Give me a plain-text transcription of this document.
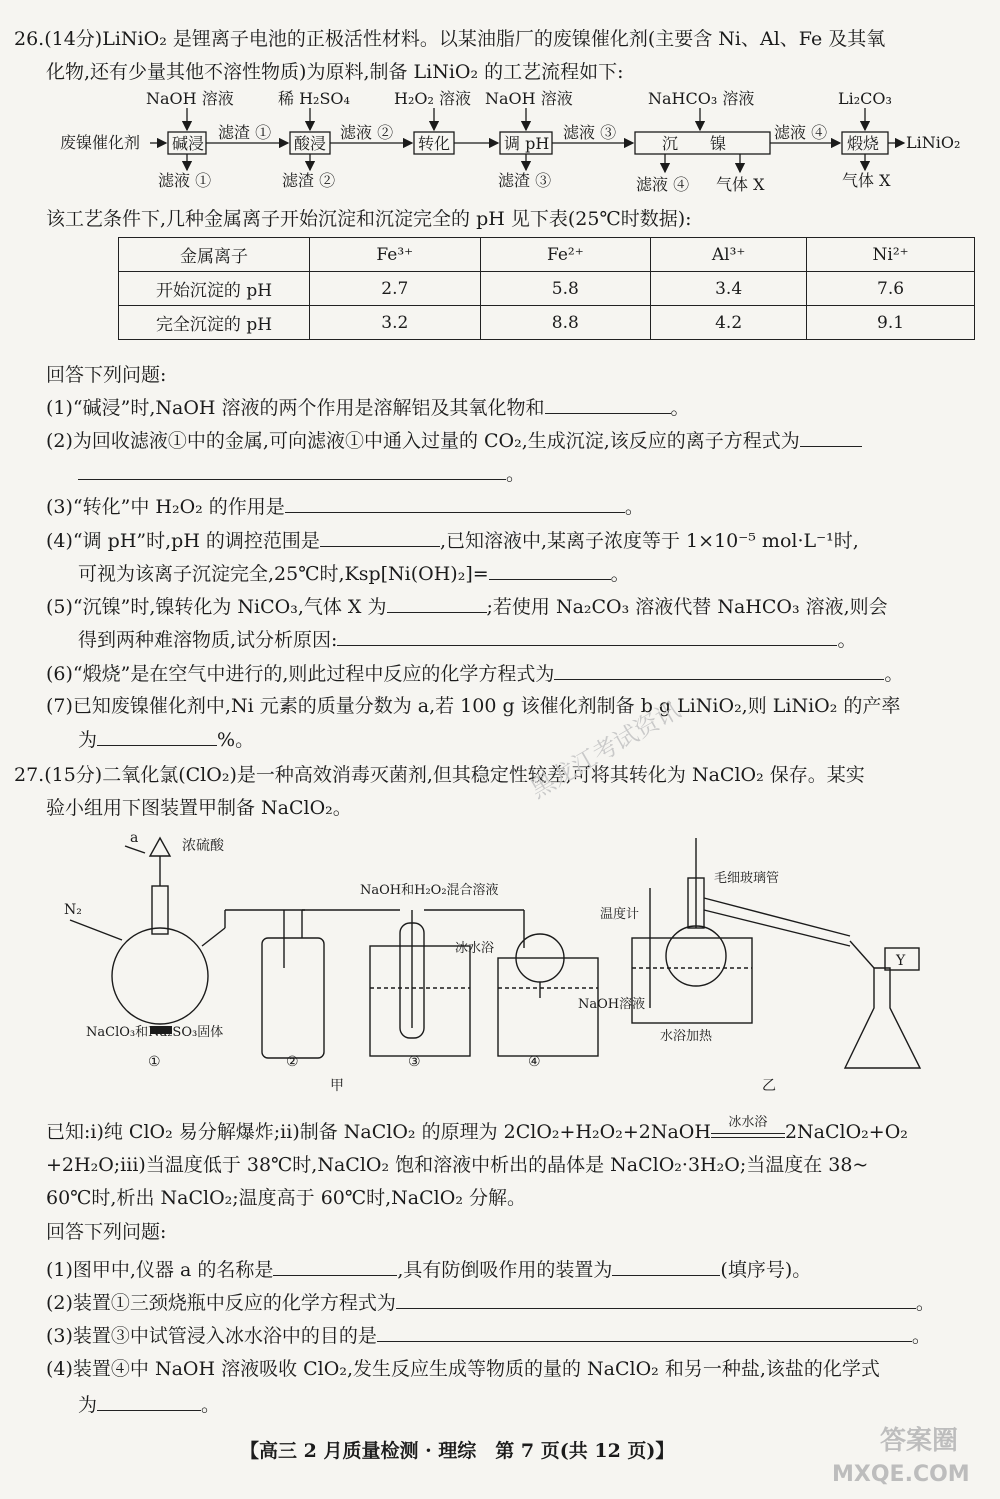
26.(14分)LiNiO₂ 是锂离子电池的正极活性材料。以某油脂厂的废镍催化剂(主要含 Ni、Al、Fe 及其氧
化物,还有少量其他不溶性物质)为原料,制备 LiNiO₂ 的工艺流程如下:
废镍催化剂 碱浸	酸浸	转化	调 pH	沉　　镍	煅烧
NaOH 溶液	稀 H₂SO₄	H₂O₂ 溶液 NaOH 溶液	NaHCO₃ 溶液	Li₂CO₃
滤渣 ①	滤液 ②	滤液 ③	滤液 ④
滤液 ①	滤渣 ②	滤渣 ③	滤液 ④ 气体 X	气体 X
LiNiO₂
该工艺条件下,几种金属离子开始沉淀和沉淀完全的 pH 见下表(25℃时数据):
金属离子	Fe³⁺	Fe²⁺	Al³⁺	Ni²⁺
开始沉淀的 pH	2.7	5.8	3.4	7.6
完全沉淀的 pH	3.2	8.8	4.2	9.1
回答下列问题:
(1)“碱浸”时,NaOH 溶液的两个作用是溶解铝及其氧化物和	。
(2)为回收滤液①中的金属,可向滤液①中通入过量的 CO₂,生成沉淀,该反应的离子方程式为
。
(3)“转化”中 H₂O₂ 的作用是	。
(4)“调 pH”时,pH 的调控范围是	,已知溶液中,某离子浓度等于 1×10⁻⁵ mol·L⁻¹时,
可视为该离子沉淀完全,25℃时,Ksp[Ni(OH)₂]=	。
(5)“沉镍”时,镍转化为 NiCO₃,气体 X 为	;若使用 Na₂CO₃ 溶液代替 NaHCO₃ 溶液,则会
得到两种难溶物质,试分析原因:	。
(6)“煅烧”是在空气中进行的,则此过程中反应的化学方程式为	。
(7)已知废镍催化剂中,Ni 元素的质量分数为 a,若 100 g 该催化剂制备 b g LiNiO₂,则 LiNiO₂ 的产率
为	%。
27.(15分)二氧化氯(ClO₂)是一种高效消毒灭菌剂,但其稳定性较差,可将其转化为 NaClO₂ 保存。某实
验小组用下图装置甲制备 NaClO₂。
a	浓硫酸
N₂
NaClO₃和Na₂SO₃固体
NaOH和H₂O₂混合溶液
冰水浴
NaOH溶液
温度计
毛细玻璃管
水浴加热
Y
①	②	③	④
甲	乙
已知:i)纯 ClO₂ 易分解爆炸;ii)制备 NaClO₂ 的原理为 2ClO₂+H₂O₂+2NaOH	冰水浴 2NaClO₂+O₂
+2H₂O;iii)当温度低于 38℃时,NaClO₂ 饱和溶液中析出的晶体是 NaClO₂·3H₂O;当温度在 38~
60℃时,析出 NaClO₂;温度高于 60℃时,NaClO₂ 分解。
回答下列问题:
(1)图甲中,仪器 a 的名称是	,具有防倒吸作用的装置为	(填序号)。
(2)装置①三颈烧瓶中反应的化学方程式为	。
(3)装置③中试管浸入冰水浴中的目的是	。
(4)装置④中 NaOH 溶液吸收 ClO₂,发生反应生成等物质的量的 NaClO₂ 和另一种盐,该盐的化学式
为	。
【高三 2 月质量检测 · 理综　第 7 页(共 12 页)】
黑龙江考试资讯
答案圈
MXQE.COM
